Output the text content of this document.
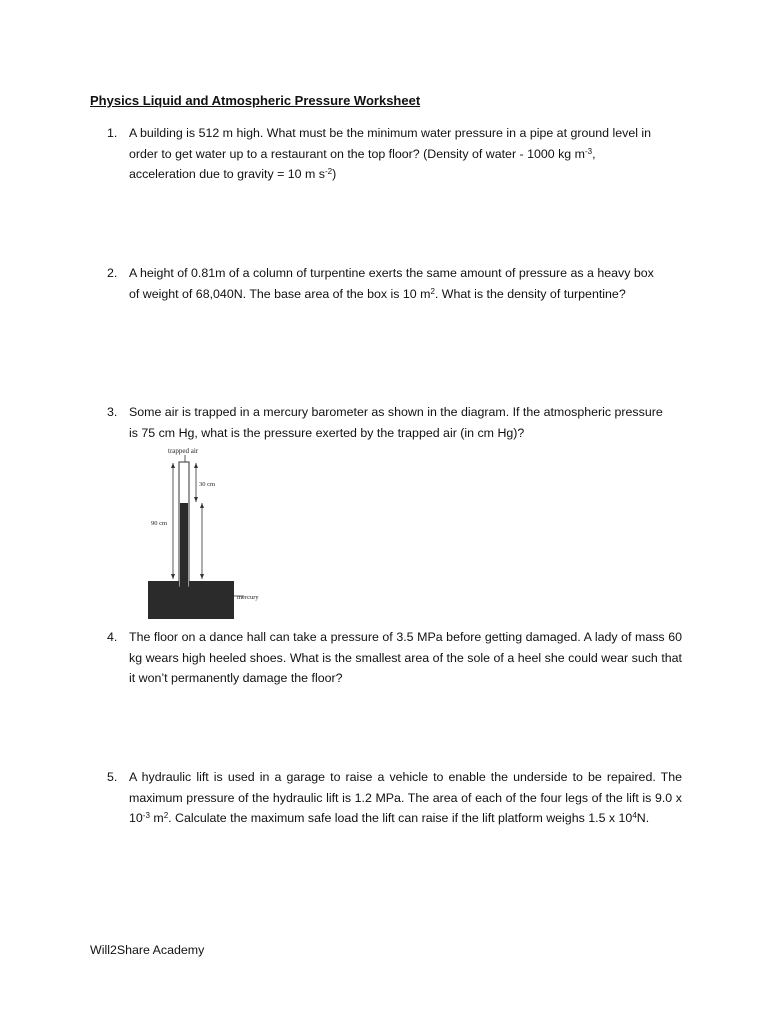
Physics Liquid and Atmospheric Pressure Worksheet
1. A building is 512 m high. What must be the minimum water pressure in a pipe at ground level in
order to get water up to a restaurant on the top floor? (Density of water - 1000 kg $m^{-3}$,
acceleration due to gravity = 10 m $s^{-2}$)
2. A height of 0.81m of a column of turpentine exerts the same amount of pressure as a heavy box
of weight of 68,040N. The base area of the box is 10 $m^2$. What is the density of turpentine?
3. Some air is trapped in a mercury barometer as shown in the diagram. If the atmospheric pressure
is 75 cm Hg, what is the pressure exerted by the trapped air (in cm Hg)?
trapped air
30 cm
90 cm
mercury
4. The floor on a dance hall can take a pressure of 3.5 MPa before getting damaged. A lady of mass 60 kg wears high heeled shoes. What is the smallest area of the sole of a heel she could wear such that it won’t permanently damage the floor?
5. A hydraulic lift is used in a garage to raise a vehicle to enable the underside to be repaired. The maximum pressure of the hydraulic lift is 1.2 MPa. The area of each of the four legs of the lift is 9.0 x $10^{-3}$ $m^2$. Calculate the maximum safe load the lift can raise if the lift platform weighs 1.5 x $10^4N$.
Will2Share Academy
